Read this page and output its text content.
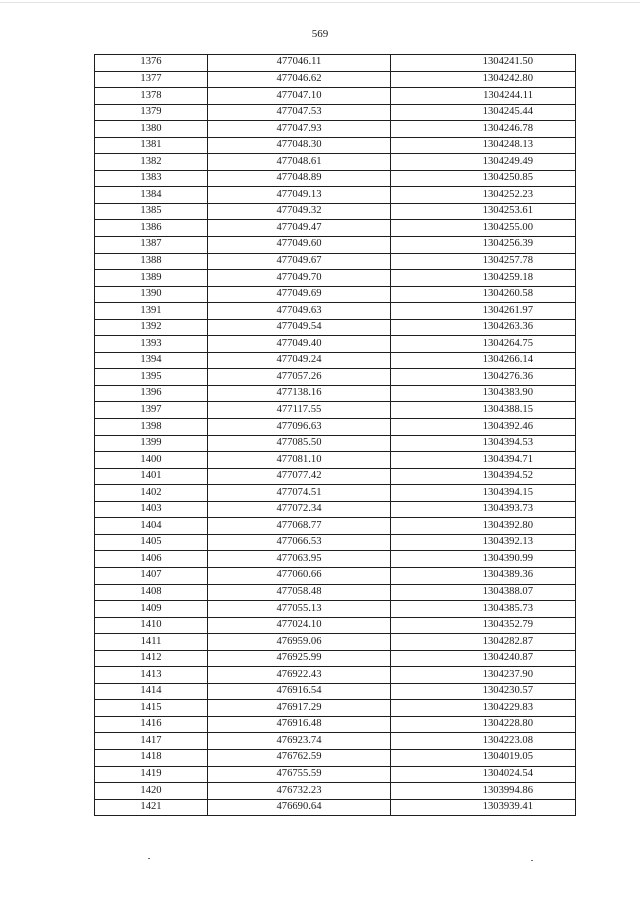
569
1376	477046.11	1304241.50
1377	477046.62	1304242.80
1378	477047.10	1304244.11
1379	477047.53	1304245.44
1380	477047.93	1304246.78
1381	477048.30	1304248.13
1382	477048.61	1304249.49
1383	477048.89	1304250.85
1384	477049.13	1304252.23
1385	477049.32	1304253.61
1386	477049.47	1304255.00
1387	477049.60	1304256.39
1388	477049.67	1304257.78
1389	477049.70	1304259.18
1390	477049.69	1304260.58
1391	477049.63	1304261.97
1392	477049.54	1304263.36
1393	477049.40	1304264.75
1394	477049.24	1304266.14
1395	477057.26	1304276.36
1396	477138.16	1304383.90
1397	477117.55	1304388.15
1398	477096.63	1304392.46
1399	477085.50	1304394.53
1400	477081.10	1304394.71
1401	477077.42	1304394.52
1402	477074.51	1304394.15
1403	477072.34	1304393.73
1404	477068.77	1304392.80
1405	477066.53	1304392.13
1406	477063.95	1304390.99
1407	477060.66	1304389.36
1408	477058.48	1304388.07
1409	477055.13	1304385.73
1410	477024.10	1304352.79
1411	476959.06	1304282.87
1412	476925.99	1304240.87
1413	476922.43	1304237.90
1414	476916.54	1304230.57
1415	476917.29	1304229.83
1416	476916.48	1304228.80
1417	476923.74	1304223.08
1418	476762.59	1304019.05
1419	476755.59	1304024.54
1420	476732.23	1303994.86
1421	476690.64	1303939.41
